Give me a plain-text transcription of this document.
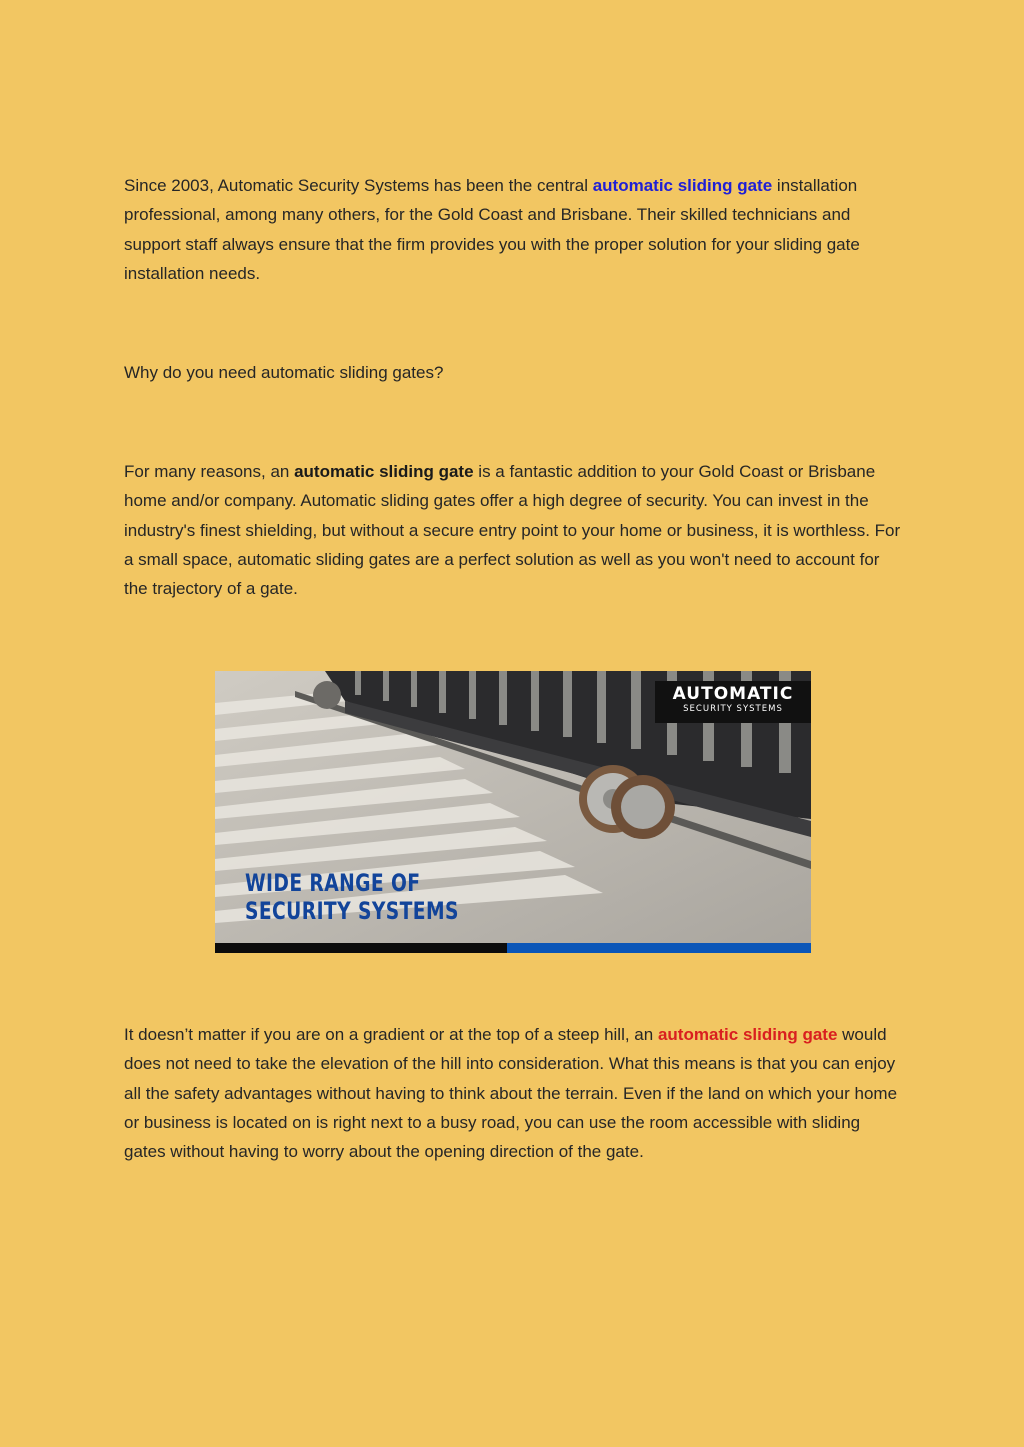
Since 2003, Automatic Security Systems has been the central automatic sliding gate installation professional, among many others, for the Gold Coast and Brisbane. Their skilled technicians and support staff always ensure that the firm provides you with the proper solution for your sliding gate installation needs.

Why do you need automatic sliding gates?

For many reasons, an automatic sliding gate is a fantastic addition to your Gold Coast or Brisbane home and/or company. Automatic sliding gates offer a high degree of security. You can invest in the industry's finest shielding, but without a secure entry point to your home or business, it is worthless. For a small space, automatic sliding gates are a perfect solution as well as you won't need to account for the trajectory of a gate.

AUTOMATIC
SECURITY SYSTEMS
WIDE RANGE OF
SECURITY SYSTEMS

It doesn’t matter if you are on a gradient or at the top of a steep hill, an automatic sliding gate would does not need to take the elevation of the hill into consideration. What this means is that you can enjoy all the safety advantages without having to think about the terrain. Even if the land on which your home or business is located on is right next to a busy road, you can use the room accessible with sliding gates without having to worry about the opening direction of the gate.
